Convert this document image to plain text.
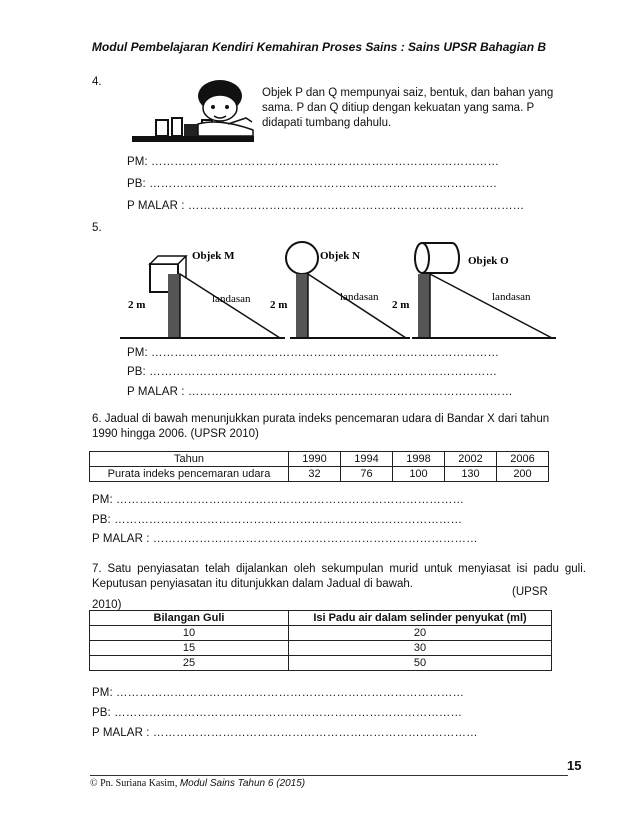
Modul Pembelajaran Kendiri Kemahiran Proses Sains : Sains UPSR Bahagian B
4.
Objek P dan Q mempunyai saiz, bentuk, dan bahan yang sama. P dan Q ditiup dengan kekuatan yang sama. P didapati tumbang dahulu.
PM: ………………………………………………………………………………
PB: ………………………………………………………………………………
P MALAR : ……………………………………………………………………………
5.
Objek M
2 m	landasan
Objek N
2 m
landasan
Objek O
2 m
landasan
PM: ………………………………………………………………………………
PB: ………………………………………………………………………………
P MALAR : …………………………………………………………………………
6. Jadual di bawah menunjukkan purata indeks pencemaran udara di Bandar X dari tahun 1990 hingga 2006. (UPSR 2010)
Tahun	1990	1994	1998	2002	2006
Purata indeks pencemaran udara	32	76	100	130	200
PM: ………………………………………………………………………………
PB: ………………………………………………………………………………
P MALAR : …………………………………………………………………………
7. Satu penyiasatan telah dijalankan oleh sekumpulan murid untuk menyiasat isi padu guli. Keputusan penyiasatan itu ditunjukkan dalam Jadual di bawah.
(UPSR
2010)
Bilangan Guli	Isi Padu air dalam selinder penyukat (ml)
10	20
15	30
25	50
PM: ………………………………………………………………………………
PB: ………………………………………………………………………………
P MALAR : …………………………………………………………………………
15
© Pn. Suriana Kasim, Modul Sains Tahun 6 (2015)
